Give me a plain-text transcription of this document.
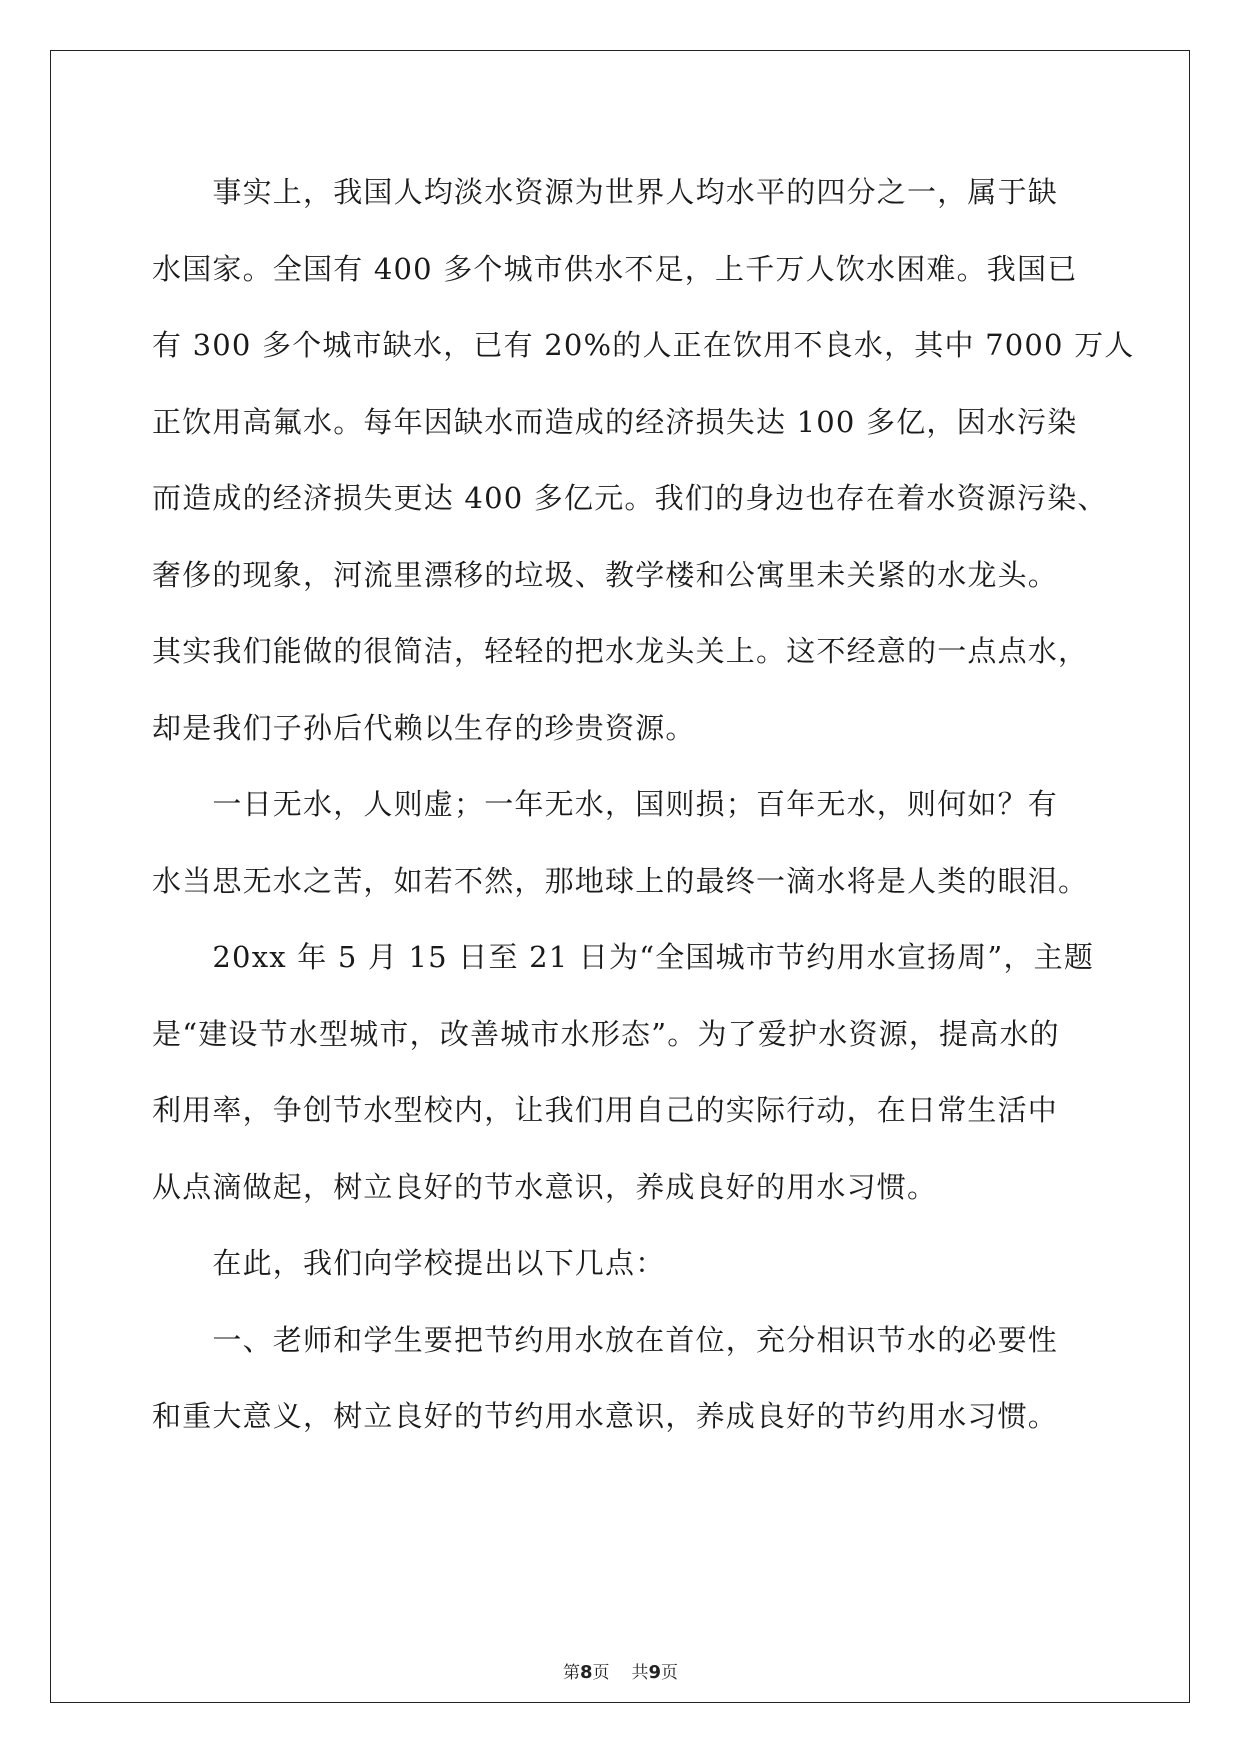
　　事实上，我国人均淡水资源为世界人均水平的四分之一，属于缺
水国家。全国有 400 多个城市供水不足，上千万人饮水困难。我国已
有 300 多个城市缺水，已有 20%的人正在饮用不良水，其中 7000 万人
正饮用高氟水。每年因缺水而造成的经济损失达 100 多亿，因水污染
而造成的经济损失更达 400 多亿元。我们的身边也存在着水资源污染、
奢侈的现象，河流里漂移的垃圾、教学楼和公寓里未关紧的水龙头。
其实我们能做的很简洁，轻轻的把水龙头关上。这不经意的一点点水，
却是我们子孙后代赖以生存的珍贵资源。
　　一日无水，人则虚；一年无水，国则损；百年无水，则何如？有
水当思无水之苦，如若不然，那地球上的最终一滴水将是人类的眼泪。
　　20xx 年 5 月 15 日至 21 日为“全国城市节约用水宣扬周”，主题
是“建设节水型城市，改善城市水形态”。为了爱护水资源，提高水的
利用率，争创节水型校内，让我们用自己的实际行动，在日常生活中
从点滴做起，树立良好的节水意识，养成良好的用水习惯。
　　在此，我们向学校提出以下几点：
　　一、老师和学生要把节约用水放在首位，充分相识节水的必要性
和重大意义，树立良好的节约用水意识，养成良好的节约用水习惯。
第8页 共9页
